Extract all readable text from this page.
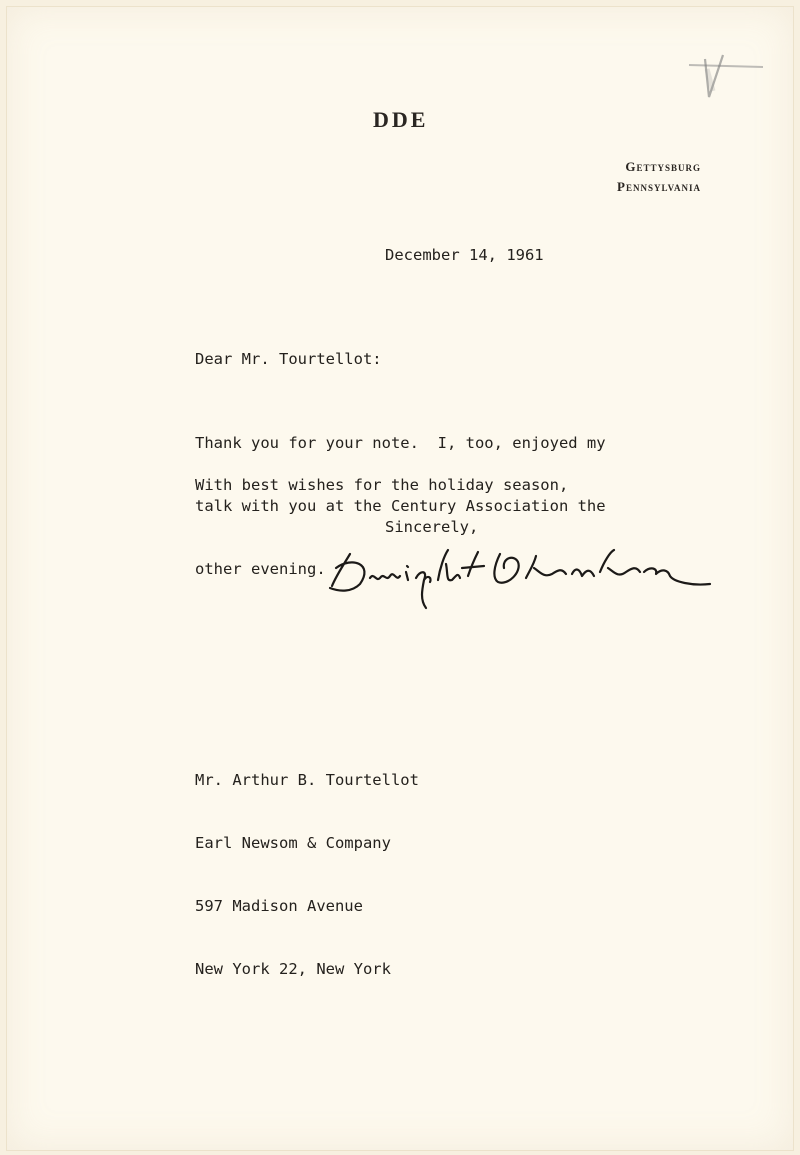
DDE
Gettysburg
Pennsylvania
December 14, 1961
Dear Mr. Tourtellot:

Thank you for your note.  I, too, enjoyed my

talk with you at the Century Association the

other evening.

With best wishes for the holiday season,
Sincerely,

Mr. Arthur B. Tourtellot

Earl Newsom & Company

597 Madison Avenue

New York 22, New York
